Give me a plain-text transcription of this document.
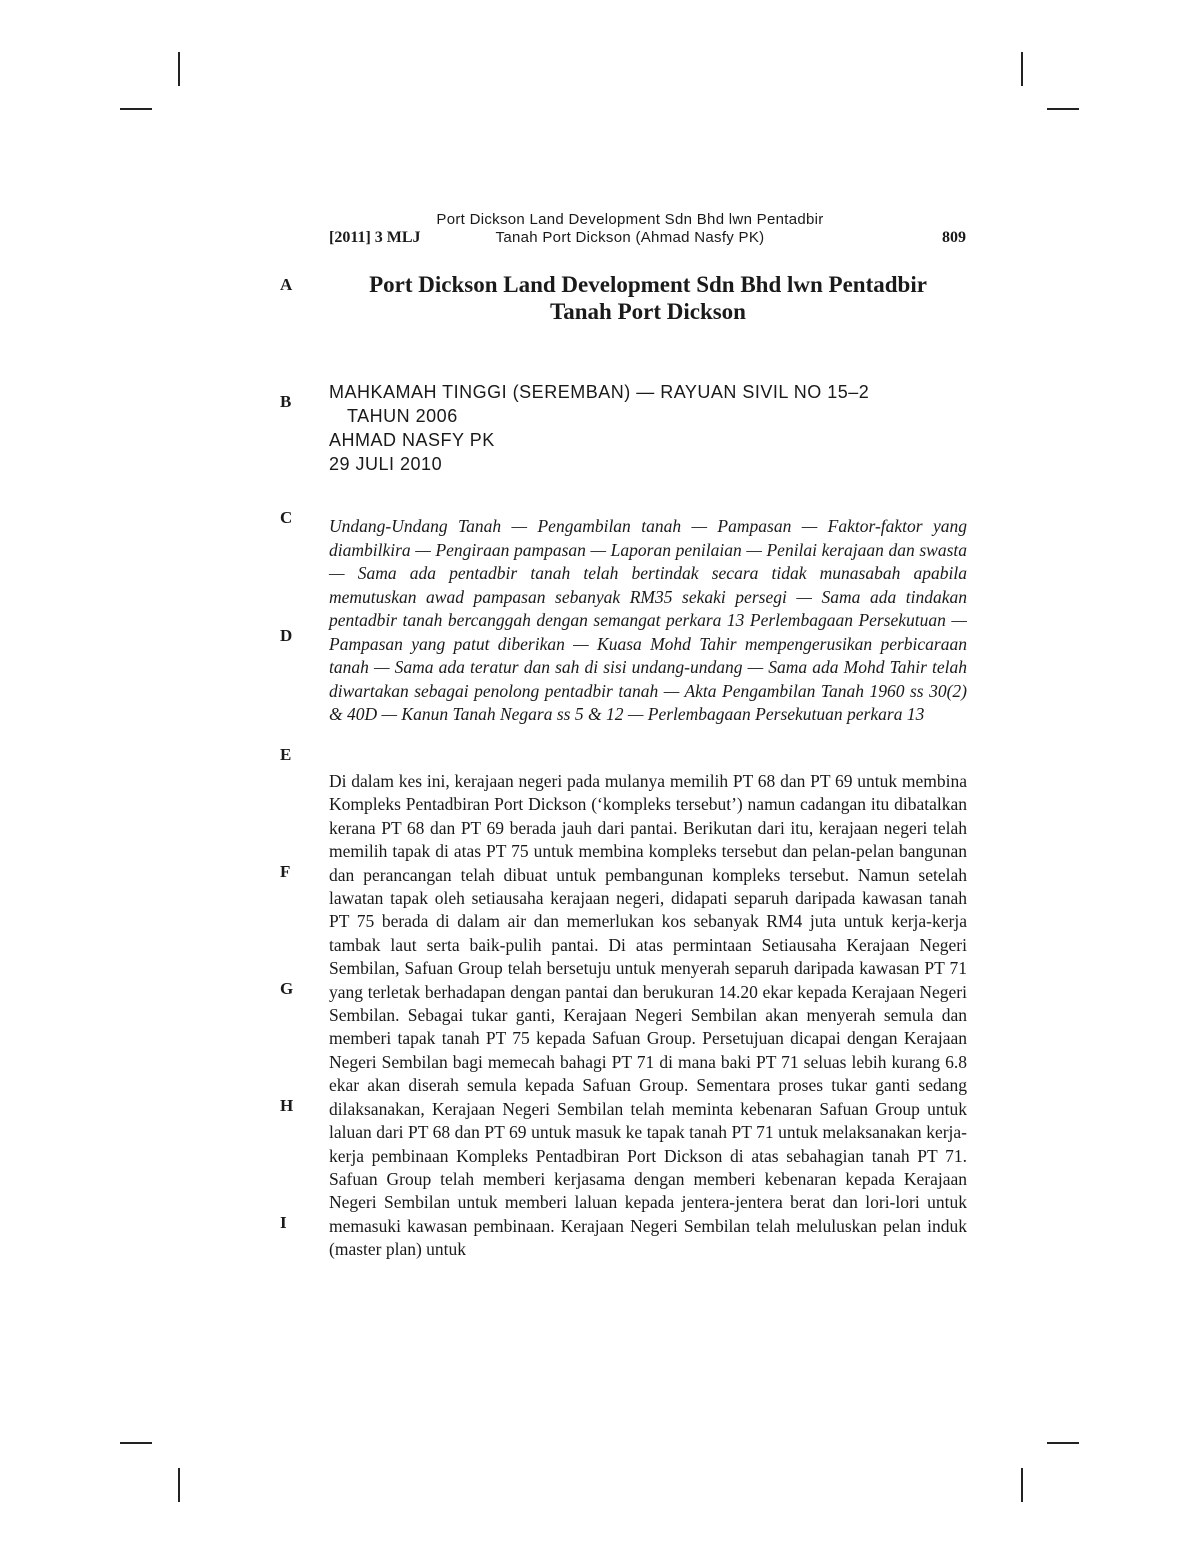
[2011] 3 MLJ
Port Dickson Land Development Sdn Bhd lwn Pentadbir
Tanah Port Dickson (Ahmad Nasfy PK)	809
A
B
C
D
E
F
G
H
I
Port Dickson Land Development Sdn Bhd lwn Pentadbir
Tanah Port Dickson
MAHKAMAH TINGGI (SEREMBAN) — RAYUAN SIVIL NO 15–2
TAHUN 2006
AHMAD NASFY PK
29 JULI 2010
Undang-Undang Tanah — Pengambilan tanah — Pampasan — Faktor-faktor yang diambilkira — Pengiraan pampasan — Laporan penilaian — Penilai kerajaan dan swasta — Sama ada pentadbir tanah telah bertindak secara tidak munasabah apabila memutuskan awad pampasan sebanyak RM35 sekaki persegi — Sama ada tindakan pentadbir tanah bercanggah dengan semangat perkara 13 Perlembagaan Persekutuan — Pampasan yang patut diberikan — Kuasa Mohd Tahir mempengerusikan perbicaraan tanah — Sama ada teratur dan sah di sisi undang-undang — Sama ada Mohd Tahir telah diwartakan sebagai penolong pentadbir tanah — Akta Pengambilan Tanah 1960 ss 30(2) & 40D — Kanun Tanah Negara ss 5 & 12 — Perlembagaan Persekutuan perkara 13
Di dalam kes ini, kerajaan negeri pada mulanya memilih PT 68 dan PT 69 untuk membina Kompleks Pentadbiran Port Dickson (‘kompleks tersebut’) namun cadangan itu dibatalkan kerana PT 68 dan PT 69 berada jauh dari pantai. Berikutan dari itu, kerajaan negeri telah memilih tapak di atas PT 75 untuk membina kompleks tersebut dan pelan-pelan bangunan dan perancangan telah dibuat untuk pembangunan kompleks tersebut. Namun setelah lawatan tapak oleh setiausaha kerajaan negeri, didapati separuh daripada kawasan tanah PT 75 berada di dalam air dan memerlukan kos sebanyak RM4 juta untuk kerja-kerja tambak laut serta baik-pulih pantai. Di atas permintaan Setiausaha Kerajaan Negeri Sembilan, Safuan Group telah bersetuju untuk menyerah separuh daripada kawasan PT 71 yang terletak berhadapan dengan pantai dan berukuran 14.20 ekar kepada Kerajaan Negeri Sembilan. Sebagai tukar ganti, Kerajaan Negeri Sembilan akan menyerah semula dan memberi tapak tanah PT 75 kepada Safuan Group. Persetujuan dicapai dengan Kerajaan Negeri Sembilan bagi memecah bahagi PT 71 di mana baki PT 71 seluas lebih kurang 6.8 ekar akan diserah semula kepada Safuan Group. Sementara proses tukar ganti sedang dilaksanakan, Kerajaan Negeri Sembilan telah meminta kebenaran Safuan Group untuk laluan dari PT 68 dan PT 69 untuk masuk ke tapak tanah PT 71 untuk melaksanakan kerja-kerja pembinaan Kompleks Pentadbiran Port Dickson di atas sebahagian tanah PT 71. Safuan Group telah memberi kerjasama dengan memberi kebenaran kepada Kerajaan Negeri Sembilan untuk memberi laluan kepada jentera-jentera berat dan lori-lori untuk memasuki kawasan pembinaan. Kerajaan Negeri Sembilan telah meluluskan pelan induk (master plan) untuk
